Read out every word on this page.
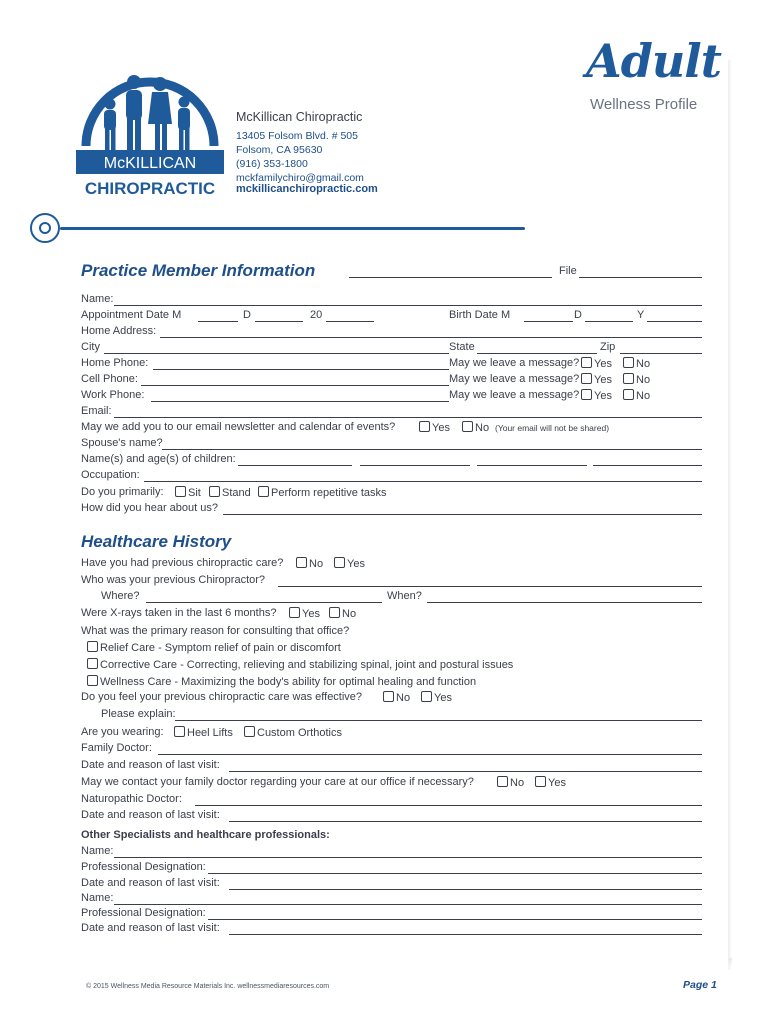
McKILLICAN
CHIROPRACTIC
McKillican Chiropractic
13405 Folsom Blvd. # 505
Folsom, CA 95630
(916) 353-1800
mckfamilychiro@gmail.com
mckillicanchiropractic.com
Adult
Wellness Profile
Practice Member Information	File
Name:
Appointment Date M	D	20	Birth Date M	D	Y
Home Address:
City	State	Zip
Home Phone:	May we leave a message?	Yes	No
Cell Phone:	May we leave a message?	Yes	No
Work Phone:	May we leave a message?	Yes	No
Email:
May we add you to our email newsletter and calendar of events?	Yes	No (Your email will not be shared)
Spouse's name?
Name(s) and age(s) of children:
Occupation:
Do you primarily:	Sit	Stand	Perform repetitive tasks
How did you hear about us?
Healthcare History
Have you had previous chiropractic care?	No	Yes
Who was your previous Chiropractor?
Where?	When?
Were X-rays taken in the last 6 months?	Yes	No
What was the primary reason for consulting that office?
Relief Care - Symptom relief of pain or discomfort
Corrective Care - Correcting, relieving and stabilizing spinal, joint and postural issues
Wellness Care - Maximizing the body's ability for optimal healing and function
Do you feel your previous chiropractic care was effective?	No	Yes
Please explain:
Are you wearing:	Heel Lifts	Custom Orthotics
Family Doctor:
Date and reason of last visit:
May we contact your family doctor regarding your care at our office if necessary?	No	Yes
Naturopathic Doctor:
Date and reason of last visit:
Other Specialists and healthcare professionals:
Name:
Professional Designation:
Date and reason of last visit:
Name:
Professional Designation:
Date and reason of last visit:
© 2015 Wellness Media Resource Materials Inc. wellnessmediaresources.com	Page 1
